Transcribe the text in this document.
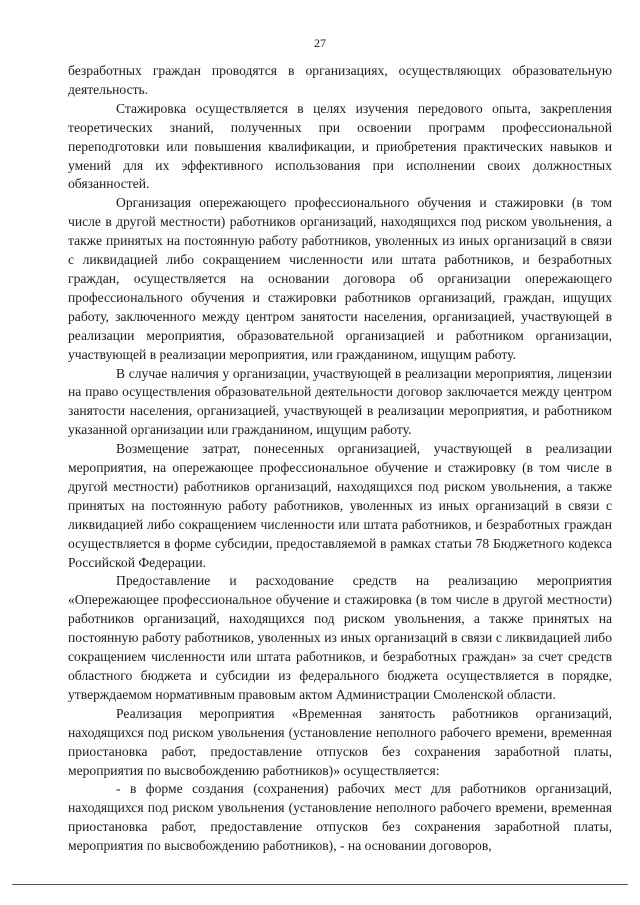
27

безработных граждан проводятся в организациях, осуществляющих образовательную деятельность.

Стажировка осуществляется в целях изучения передового опыта, закрепления теоретических знаний, полученных при освоении программ профессиональной переподготовки или повышения квалификации, и приобретения практических навыков и умений для их эффективного использования при исполнении своих должностных обязанностей.

Организация опережающего профессионального обучения и стажировки (в том числе в другой местности) работников организаций, находящихся под риском увольнения, а также принятых на постоянную работу работников, уволенных из иных организаций в связи с ликвидацией либо сокращением численности или штата работников, и безработных граждан, осуществляется на основании договора об организации опережающего профессионального обучения и стажировки работников организаций, граждан, ищущих работу, заключенного между центром занятости населения, организацией, участвующей в реализации мероприятия, образовательной организацией и работником организации, участвующей в реализации мероприятия, или гражданином, ищущим работу.

В случае наличия у организации, участвующей в реализации мероприятия, лицензии на право осуществления образовательной деятельности договор заключается между центром занятости населения, организацией, участвующей в реализации мероприятия, и работником указанной организации или гражданином, ищущим работу.

Возмещение затрат, понесенных организацией, участвующей в реализации мероприятия, на опережающее профессиональное обучение и стажировку (в том числе в другой местности) работников организаций, находящихся под риском увольнения, а также принятых на постоянную работу работников, уволенных из иных организаций в связи с ликвидацией либо сокращением численности или штата работников, и безработных граждан осуществляется в форме субсидии, предоставляемой в рамках статьи 78 Бюджетного кодекса Российской Федерации.

Предоставление и расходование средств на реализацию мероприятия «Опережающее профессиональное обучение и стажировка (в том числе в другой местности) работников организаций, находящихся под риском увольнения, а также принятых на постоянную работу работников, уволенных из иных организаций в связи с ликвидацией либо сокращением численности или штата работников, и безработных граждан» за счет средств областного бюджета и субсидии из федерального бюджета осуществляется в порядке, утверждаемом нормативным правовым актом Администрации Смоленской области.

Реализация мероприятия «Временная занятость работников организаций, находящихся под риском увольнения (установление неполного рабочего времени, временная приостановка работ, предоставление отпусков без сохранения заработной платы, мероприятия по высвобождению работников)» осуществляется:

- в форме создания (сохранения) рабочих мест для работников организаций, находящихся под риском увольнения (установление неполного рабочего времени, временная приостановка работ, предоставление отпусков без сохранения заработной платы, мероприятия по высвобождению работников), - на основании договоров,
